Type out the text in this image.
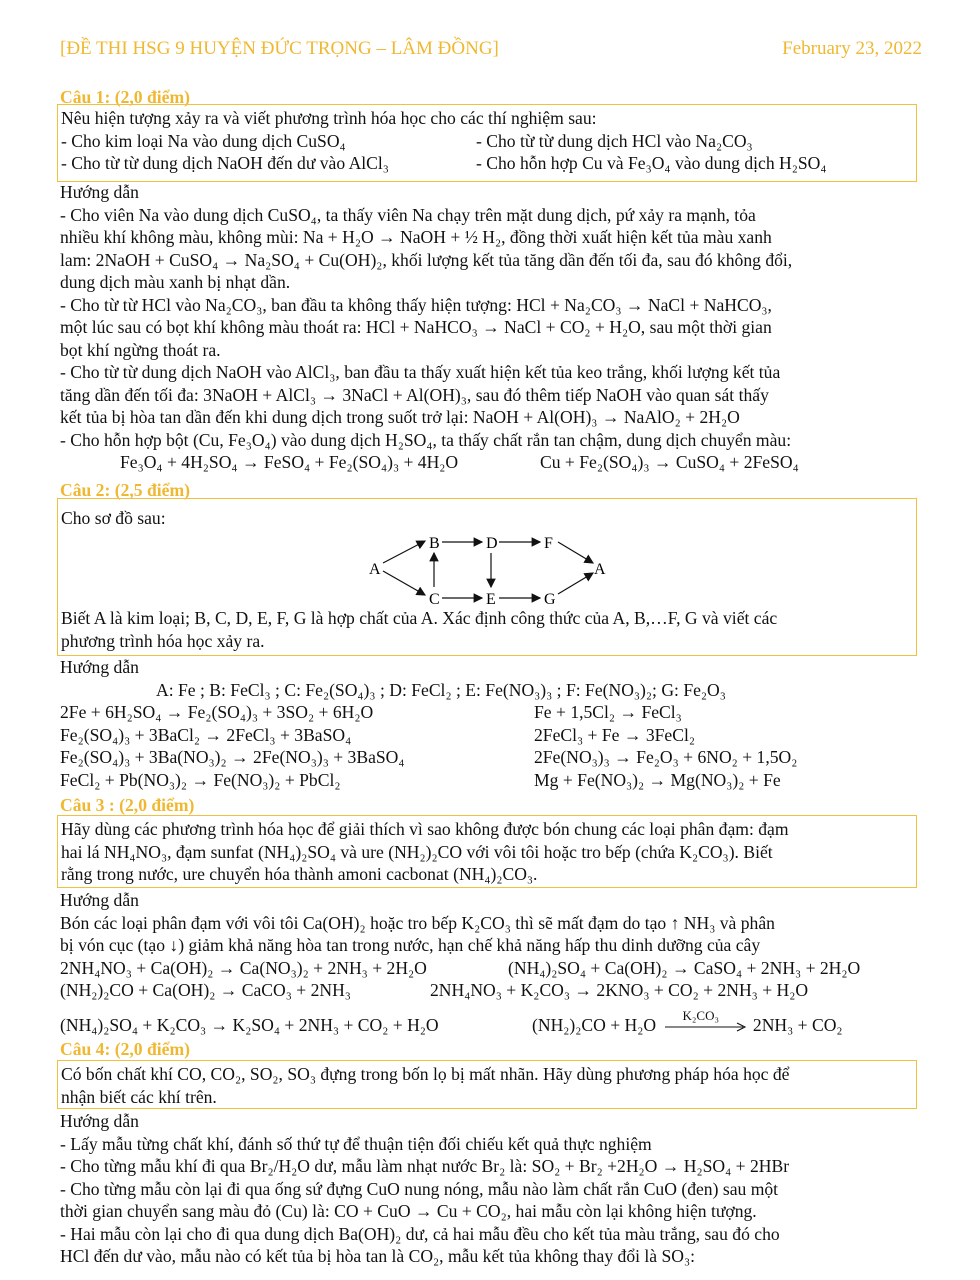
[ĐỀ THI HSG 9 HUYỆN ĐỨC TRỌNG – LÂM ĐỒNG]	February 23, 2022
Câu 1: (2,0 điểm)
Nêu hiện tượng xảy ra và viết phương trình hóa học cho các thí nghiệm sau:
- Cho kim loại Na vào dung dịch CuSO₄	- Cho từ từ dung dịch HCl vào Na₂CO₃
- Cho từ từ dung dịch NaOH đến dư vào AlCl₃	- Cho hỗn hợp Cu và Fe₃O₄ vào dung dịch H₂SO₄
Hướng dẫn
- Cho viên Na vào dung dịch CuSO₄, ta thấy viên Na chạy trên mặt dung dịch, pứ xảy ra mạnh, tỏa
nhiều khí không màu, không mùi: Na + H₂O → NaOH + ½ H₂, đồng thời xuất hiện kết tủa màu xanh
lam: 2NaOH + CuSO₄ → Na₂SO₄ + Cu(OH)₂, khối lượng kết tủa tăng dần đến tối đa, sau đó không đổi,
dung dịch màu xanh bị nhạt dần.
- Cho từ từ HCl vào Na₂CO₃, ban đầu ta không thấy hiện tượng: HCl + Na₂CO₃ → NaCl + NaHCO₃,
một lúc sau có bọt khí không màu thoát ra: HCl + NaHCO₃ → NaCl + CO₂ + H₂O, sau một thời gian
bọt khí ngừng thoát ra.
- Cho từ từ dung dịch NaOH vào AlCl₃, ban đầu ta thấy xuất hiện kết tủa keo trắng, khối lượng kết tủa
tăng dần đến tối đa: 3NaOH + AlCl₃ → 3NaCl + Al(OH)₃, sau đó thêm tiếp NaOH vào quan sát thấy
kết tủa bị hòa tan dần đến khi dung dịch trong suốt trở lại: NaOH + Al(OH)₃ → NaAlO₂ + 2H₂O
- Cho hỗn hợp bột (Cu, Fe₃O₄) vào dung dịch H₂SO₄, ta thấy chất rắn tan chậm, dung dịch chuyển màu:
Fe₃O₄ + 4H₂SO₄ → FeSO₄ + Fe₂(SO₄)₃ + 4H₂O	Cu + Fe₂(SO₄)₃ → CuSO₄ + 2FeSO₄
Câu 2: (2,5 điểm)
Cho sơ đồ sau:
A
B	D	F
C	E	G
A
Biết A là kim loại; B, C, D, E, F, G là hợp chất của A. Xác định công thức của A, B,…F, G và viết các
phương trình hóa học xảy ra.
Hướng dẫn
A: Fe ; B: FeCl₃ ; C: Fe₂(SO₄)₃ ; D: FeCl₂ ; E: Fe(NO₃)₃ ; F: Fe(NO₃)₂; G: Fe₂O₃
2Fe + 6H₂SO₄ → Fe₂(SO₄)₃ + 3SO₂ + 6H₂O	Fe + 1,5Cl₂ → FeCl₃
Fe₂(SO₄)₃ + 3BaCl₂ → 2FeCl₃ + 3BaSO₄	2FeCl₃ + Fe → 3FeCl₂
Fe₂(SO₄)₃ + 3Ba(NO₃)₂ → 2Fe(NO₃)₃ + 3BaSO₄	2Fe(NO₃)₃ → Fe₂O₃ + 6NO₂ + 1,5O₂
FeCl₂ + Pb(NO₃)₂ → Fe(NO₃)₂ + PbCl₂	Mg + Fe(NO₃)₂ → Mg(NO₃)₂ + Fe
Câu 3 : (2,0 điểm)
Hãy dùng các phương trình hóa học để giải thích vì sao không được bón chung các loại phân đạm: đạm
hai lá NH₄NO₃, đạm sunfat (NH₄)₂SO₄ và ure (NH₂)₂CO với vôi tôi hoặc tro bếp (chứa K₂CO₃). Biết
rằng trong nước, ure chuyển hóa thành amoni cacbonat (NH₄)₂CO₃.
Hướng dẫn
Bón các loại phân đạm với vôi tôi Ca(OH)₂ hoặc tro bếp K₂CO₃ thì sẽ mất đạm do tạo ↑ NH₃ và phân
bị vón cục (tạo ↓) giảm khả năng hòa tan trong nước, hạn chế khả năng hấp thu dinh dưỡng của cây
2NH₄NO₃ + Ca(OH)₂ → Ca(NO₃)₂ + 2NH₃ + 2H₂O	(NH₄)₂SO₄ + Ca(OH)₂ → CaSO₄ + 2NH₃ + 2H₂O
(NH₂)₂CO + Ca(OH)₂ → CaCO₃ + 2NH₃	2NH₄NO₃ + K₂CO₃ → 2KNO₃ + CO₂ + 2NH₃ + H₂O
(NH₄)₂SO₄ + K₂CO₃ → K₂SO₄ + 2NH₃ + CO₂ + H₂O	(NH₂)₂CO + H₂O K₂CO₃ 2NH₃ + CO₂
Câu 4: (2,0 điểm)
Có bốn chất khí CO, CO₂, SO₂, SO₃ đựng trong bốn lọ bị mất nhãn. Hãy dùng phương pháp hóa học để
nhận biết các khí trên.
Hướng dẫn
- Lấy mẫu từng chất khí, đánh số thứ tự để thuận tiện đối chiếu kết quả thực nghiệm
- Cho từng mẫu khí đi qua Br₂/H₂O dư, mẫu làm nhạt nước Br₂ là: SO₂ + Br₂ +2H₂O → H₂SO₄ + 2HBr
- Cho từng mẫu còn lại đi qua ống sứ đựng CuO nung nóng, mẫu nào làm chất rắn CuO (đen) sau một
thời gian chuyển sang màu đỏ (Cu) là: CO + CuO → Cu + CO₂, hai mẫu còn lại không hiện tượng.
- Hai mẫu còn lại cho đi qua dung dịch Ba(OH)₂ dư, cả hai mẫu đều cho kết tủa màu trắng, sau đó cho
HCl đến dư vào, mẫu nào có kết tủa bị hòa tan là CO₂, mẫu kết tủa không thay đổi là SO₃:
